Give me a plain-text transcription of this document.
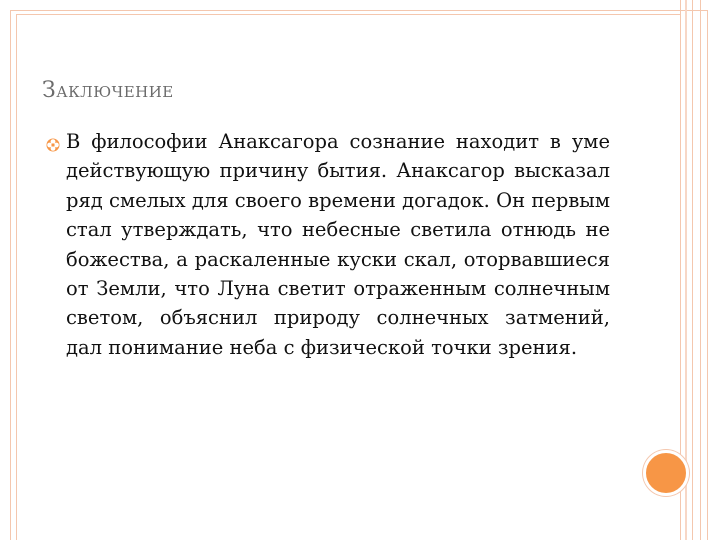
Заключение

В философии Анаксагора сознание находит в уме действующую причину бытия. Анаксагор высказал ряд смелых для своего времени догадок. Он первым стал утверждать, что небесные светила отнюдь не божества, а раскаленные куски скал, оторвавшиеся от Земли, что Луна светит отраженным солнечным светом, объяснил природу солнечных затмений, дал понимание неба с физической точки зрения.
